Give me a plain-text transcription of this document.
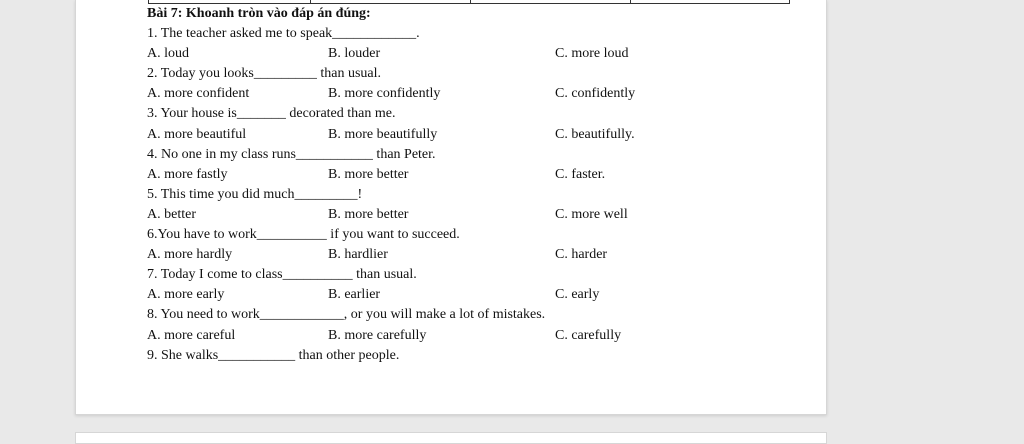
Bài 7: Khoanh tròn vào đáp án đúng:
1. The teacher asked me to speak____________.
A. loud	B. louder	C. more loud
2. Today you looks_________ than usual.
A. more confident	B. more confidently	C. confidently
3. Your house is_______ decorated than me.
A. more beautiful	B. more beautifully	C. beautifully.
4. No one in my class runs___________ than Peter.
A. more fastly	B. more better	C. faster.
5. This time you did much_________!
A. better	B. more better	C. more well
6.You have to work__________ if you want to succeed.
A. more hardly	B. hardlier	C. harder
7. Today I come to class__________ than usual.
A. more early	B. earlier	C. early
8. You need to work____________, or you will make a lot of mistakes.
A. more careful	B. more carefully	C. carefully
9. She walks___________ than other people.
